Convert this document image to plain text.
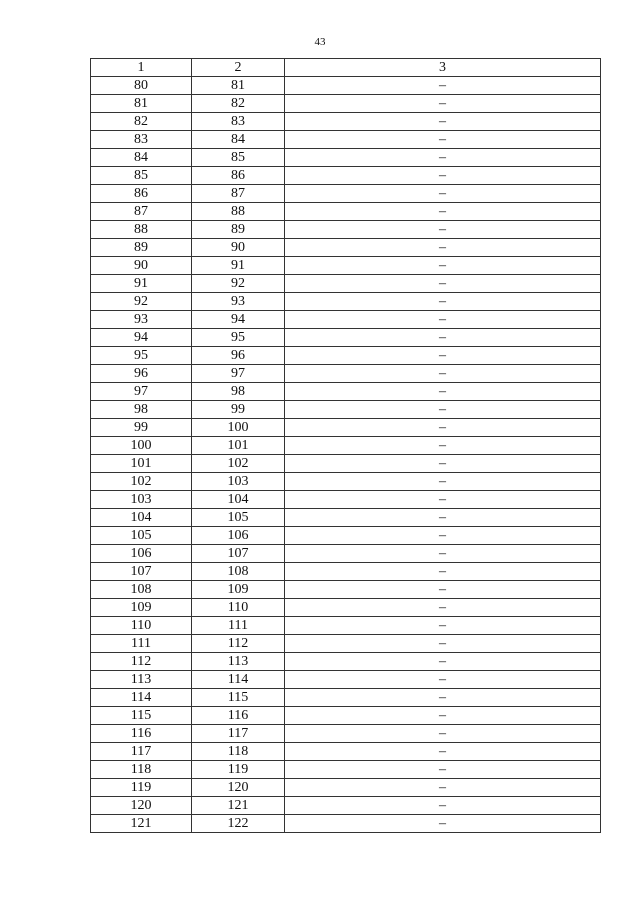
43
1	2	3
80	81	–
81	82	–
82	83	–
83	84	–
84	85	–
85	86	–
86	87	–
87	88	–
88	89	–
89	90	–
90	91	–
91	92	–
92	93	–
93	94	–
94	95	–
95	96	–
96	97	–
97	98	–
98	99	–
99	100	–
100	101	–
101	102	–
102	103	–
103	104	–
104	105	–
105	106	–
106	107	–
107	108	–
108	109	–
109	110	–
110	111	–
111	112	–
112	113	–
113	114	–
114	115	–
115	116	–
116	117	–
117	118	–
118	119	–
119	120	–
120	121	–
121	122	–
